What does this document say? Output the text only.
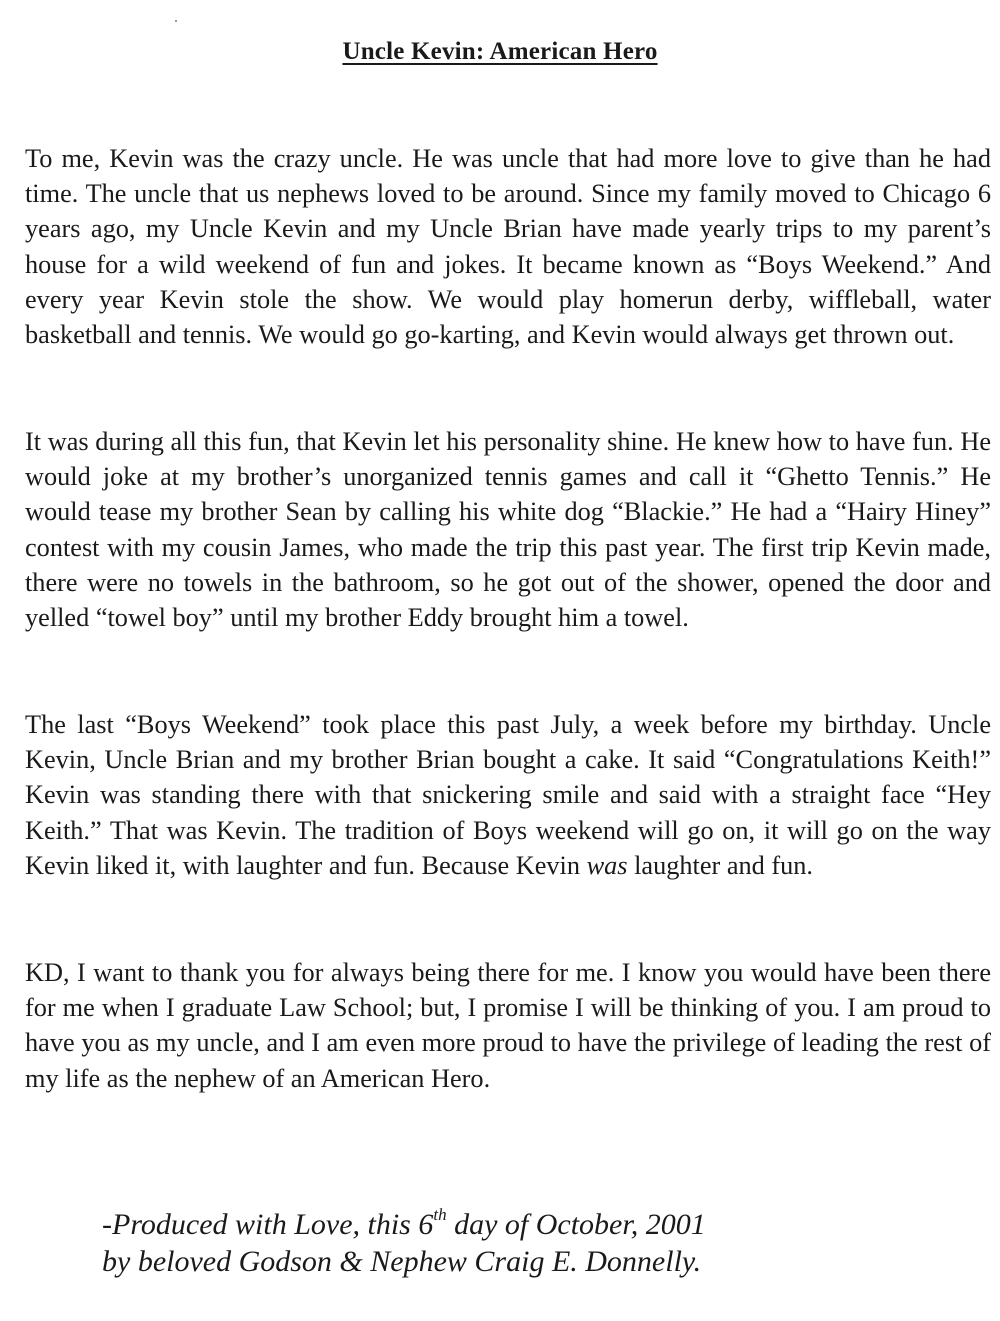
Uncle Kevin: American Hero

To me, Kevin was the crazy uncle. He was uncle that had more love to give than he had time. The uncle that us nephews loved to be around. Since my family moved to Chicago 6 years ago, my Uncle Kevin and my Uncle Brian have made yearly trips to my parent’s house for a wild weekend of fun and jokes. It became known as “Boys Weekend.” And every year Kevin stole the show. We would play homerun derby, wiffleball, water basketball and tennis. We would go go-karting, and Kevin would always get thrown out.

It was during all this fun, that Kevin let his personality shine. He knew how to have fun. He would joke at my brother’s unorganized tennis games and call it “Ghetto Tennis.” He would tease my brother Sean by calling his white dog “Blackie.” He had a “Hairy Hiney” contest with my cousin James, who made the trip this past year. The first trip Kevin made, there were no towels in the bathroom, so he got out of the shower, opened the door and yelled “towel boy” until my brother Eddy brought him a towel.

The last “Boys Weekend” took place this past July, a week before my birthday. Uncle Kevin, Uncle Brian and my brother Brian bought a cake. It said “Congratulations Keith!” Kevin was standing there with that snickering smile and said with a straight face “Hey Keith.” That was Kevin. The tradition of Boys weekend will go on, it will go on the way Kevin liked it, with laughter and fun. Because Kevin was laughter and fun.

KD, I want to thank you for always being there for me. I know you would have been there for me when I graduate Law School; but, I promise I will be thinking of you. I am proud to have you as my uncle, and I am even more proud to have the privilege of leading the rest of my life as the nephew of an American Hero.

-Produced with Love, this 6th day of October, 2001
by beloved Godson & Nephew Craig E. Donnelly.
